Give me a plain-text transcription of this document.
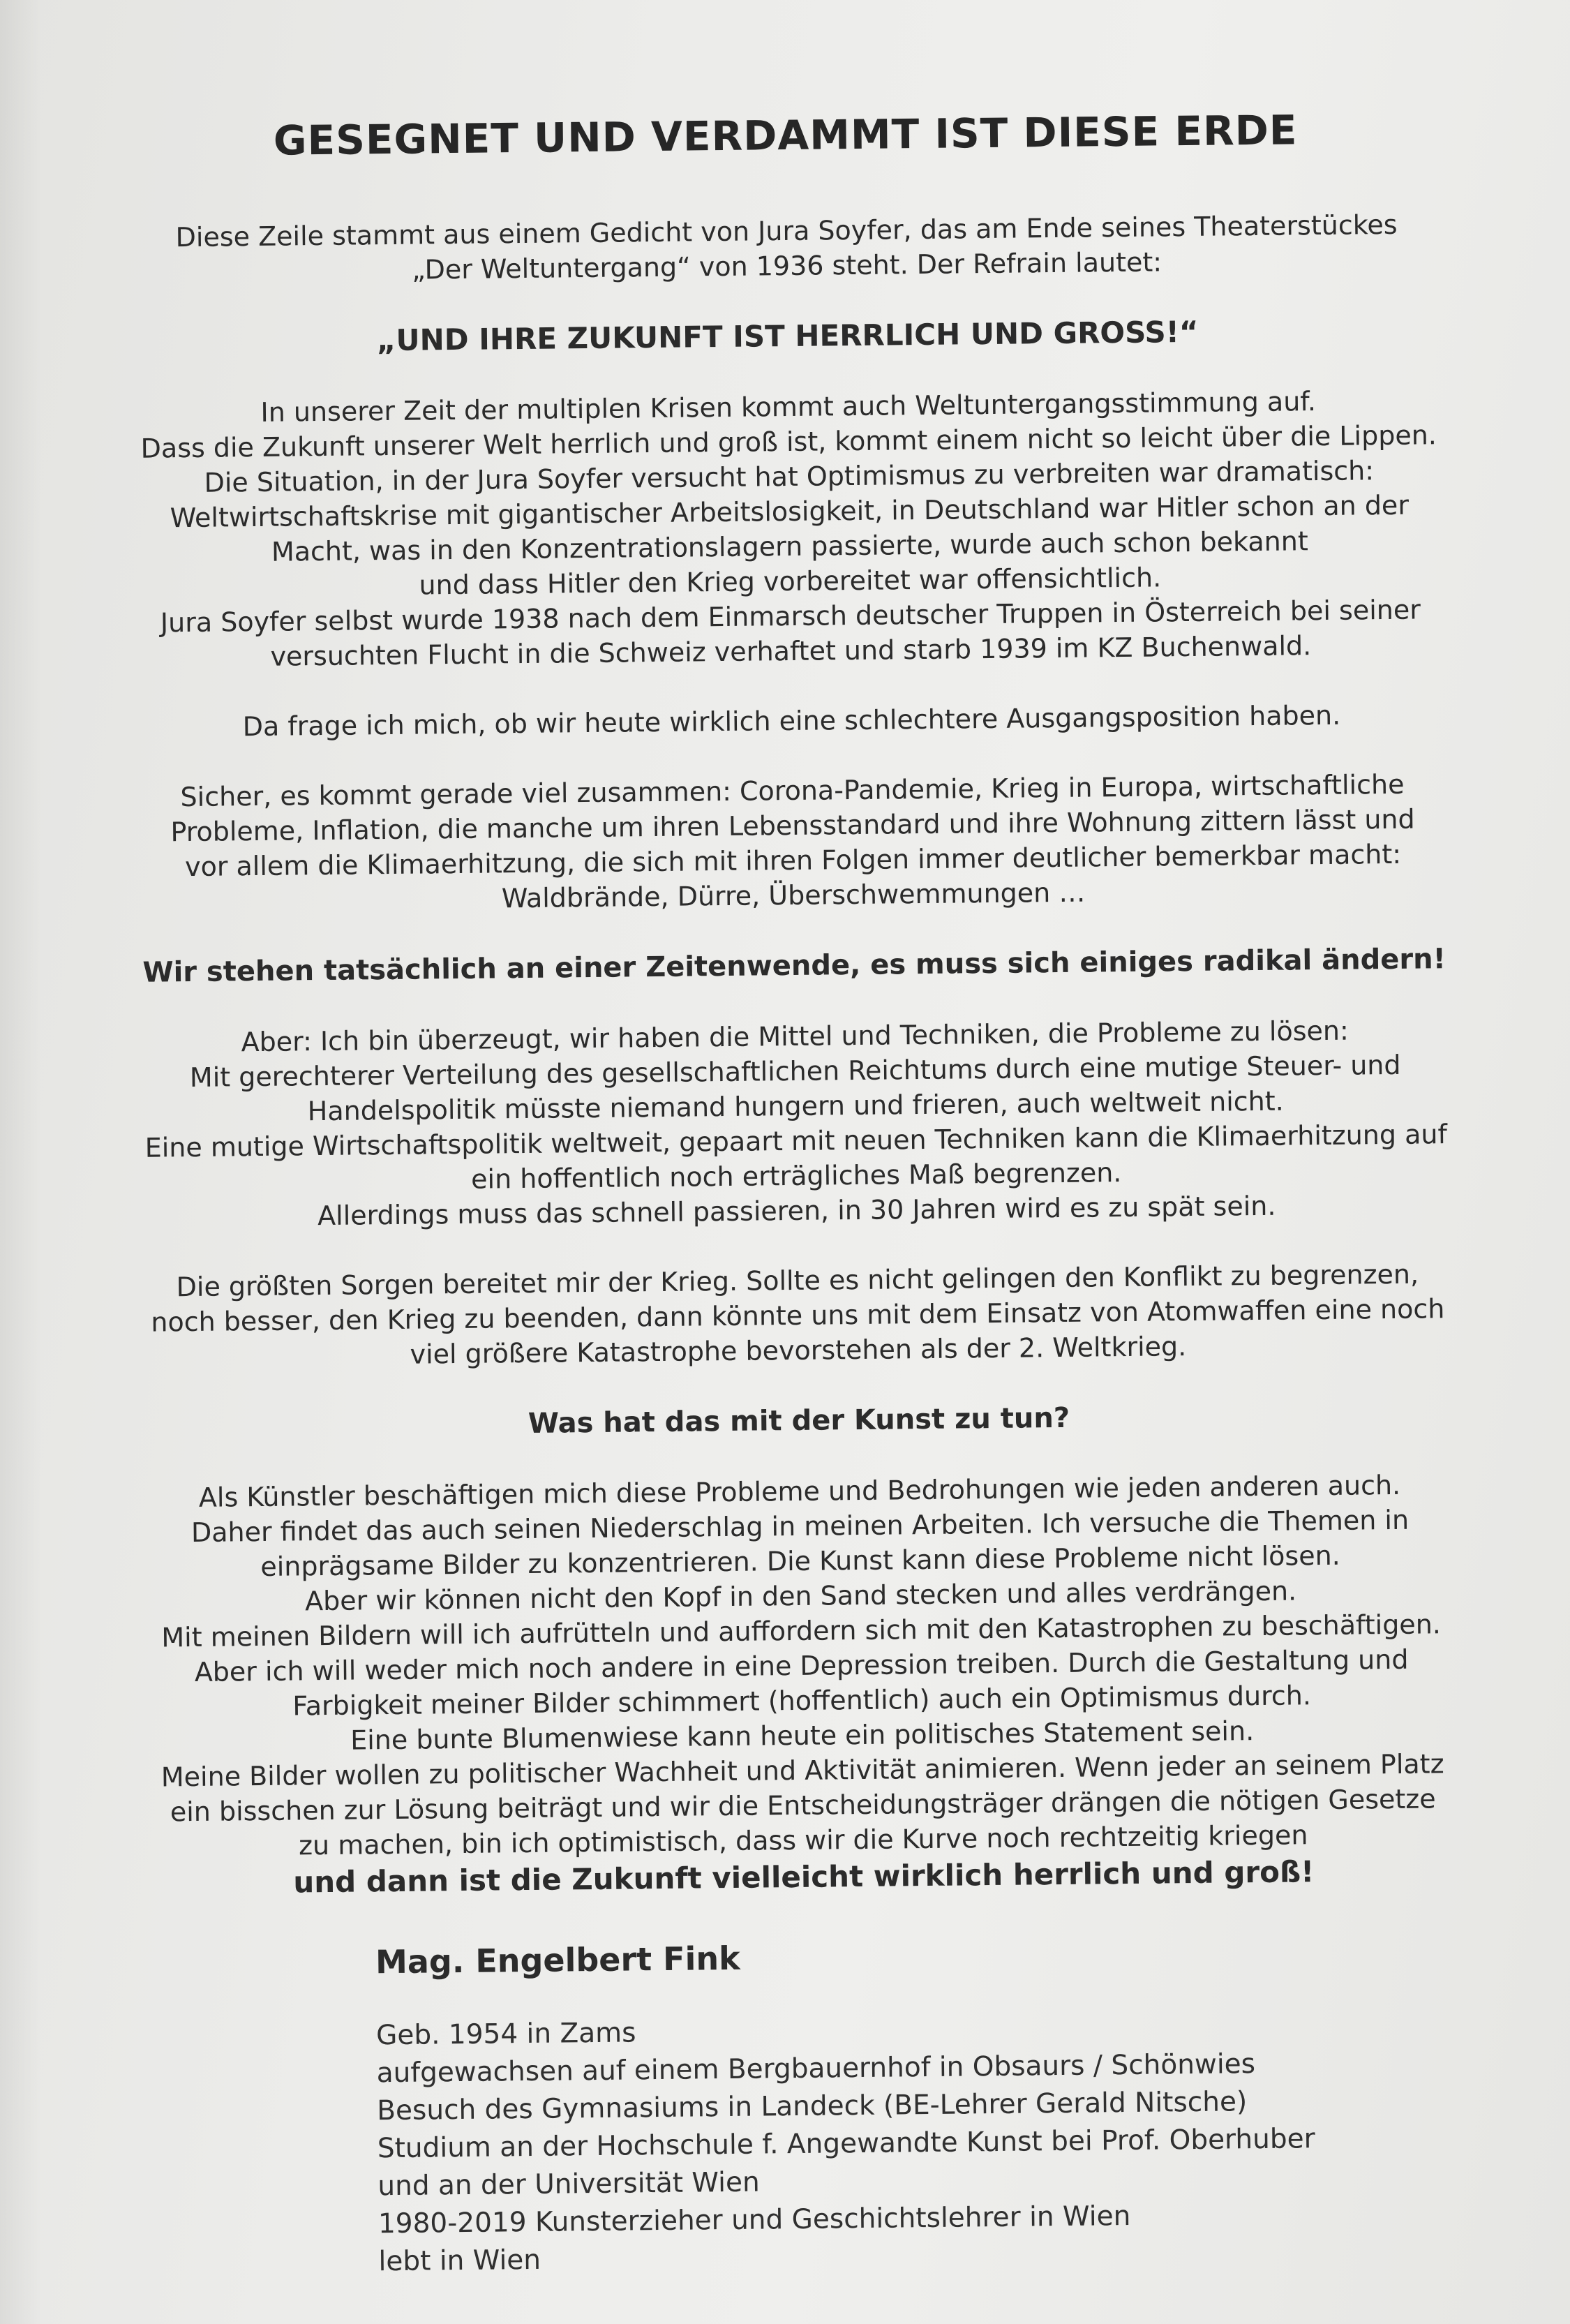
GESEGNET UND VERDAMMT IST DIESE ERDE

Diese Zeile stammt aus einem Gedicht von Jura Soyfer, das am Ende seines Theaterstückes
„Der Weltuntergang“ von 1936 steht. Der Refrain lautet:

„UND IHRE ZUKUNFT IST HERRLICH UND GROSS!“

In unserer Zeit der multiplen Krisen kommt auch Weltuntergangsstimmung auf.
Dass die Zukunft unserer Welt herrlich und groß ist, kommt einem nicht so leicht über die Lippen.
Die Situation, in der Jura Soyfer versucht hat Optimismus zu verbreiten war dramatisch:
Weltwirtschaftskrise mit gigantischer Arbeitslosigkeit, in Deutschland war Hitler schon an der
Macht, was in den Konzentrationslagern passierte, wurde auch schon bekannt
und dass Hitler den Krieg vorbereitet war offensichtlich.
Jura Soyfer selbst wurde 1938 nach dem Einmarsch deutscher Truppen in Österreich bei seiner
versuchten Flucht in die Schweiz verhaftet und starb 1939 im KZ Buchenwald.

Da frage ich mich, ob wir heute wirklich eine schlechtere Ausgangsposition haben.

Sicher, es kommt gerade viel zusammen: Corona-Pandemie, Krieg in Europa, wirtschaftliche
Probleme, Inflation, die manche um ihren Lebensstandard und ihre Wohnung zittern lässt und
vor allem die Klimaerhitzung, die sich mit ihren Folgen immer deutlicher bemerkbar macht:
Waldbrände, Dürre, Überschwemmungen …

Wir stehen tatsächlich an einer Zeitenwende, es muss sich einiges radikal ändern!

Aber: Ich bin überzeugt, wir haben die Mittel und Techniken, die Probleme zu lösen:
Mit gerechterer Verteilung des gesellschaftlichen Reichtums durch eine mutige Steuer- und
Handelspolitik müsste niemand hungern und frieren, auch weltweit nicht.
Eine mutige Wirtschaftspolitik weltweit, gepaart mit neuen Techniken kann die Klimaerhitzung auf
ein hoffentlich noch erträgliches Maß begrenzen.
Allerdings muss das schnell passieren, in 30 Jahren wird es zu spät sein.

Die größten Sorgen bereitet mir der Krieg. Sollte es nicht gelingen den Konflikt zu begrenzen,
noch besser, den Krieg zu beenden, dann könnte uns mit dem Einsatz von Atomwaffen eine noch
viel größere Katastrophe bevorstehen als der 2. Weltkrieg.

Was hat das mit der Kunst zu tun?

Als Künstler beschäftigen mich diese Probleme und Bedrohungen wie jeden anderen auch.
Daher findet das auch seinen Niederschlag in meinen Arbeiten. Ich versuche die Themen in
einprägsame Bilder zu konzentrieren. Die Kunst kann diese Probleme nicht lösen.
Aber wir können nicht den Kopf in den Sand stecken und alles verdrängen.
Mit meinen Bildern will ich aufrütteln und auffordern sich mit den Katastrophen zu beschäftigen.
Aber ich will weder mich noch andere in eine Depression treiben. Durch die Gestaltung und
Farbigkeit meiner Bilder schimmert (hoffentlich) auch ein Optimismus durch.
Eine bunte Blumenwiese kann heute ein politisches Statement sein.
Meine Bilder wollen zu politischer Wachheit und Aktivität animieren. Wenn jeder an seinem Platz
ein bisschen zur Lösung beiträgt und wir die Entscheidungsträger drängen die nötigen Gesetze
zu machen, bin ich optimistisch, dass wir die Kurve noch rechtzeitig kriegen

und dann ist die Zukunft vielleicht wirklich herrlich und groß!

Mag. Engelbert Fink

Geb. 1954 in Zams

aufgewachsen auf einem Bergbauernhof in Obsaurs / Schönwies

Besuch des Gymnasiums in Landeck (BE-Lehrer Gerald Nitsche)

Studium an der Hochschule f. Angewandte Kunst bei Prof. Oberhuber

und an der Universität Wien

1980-2019 Kunsterzieher und Geschichtslehrer in Wien

lebt in Wien
